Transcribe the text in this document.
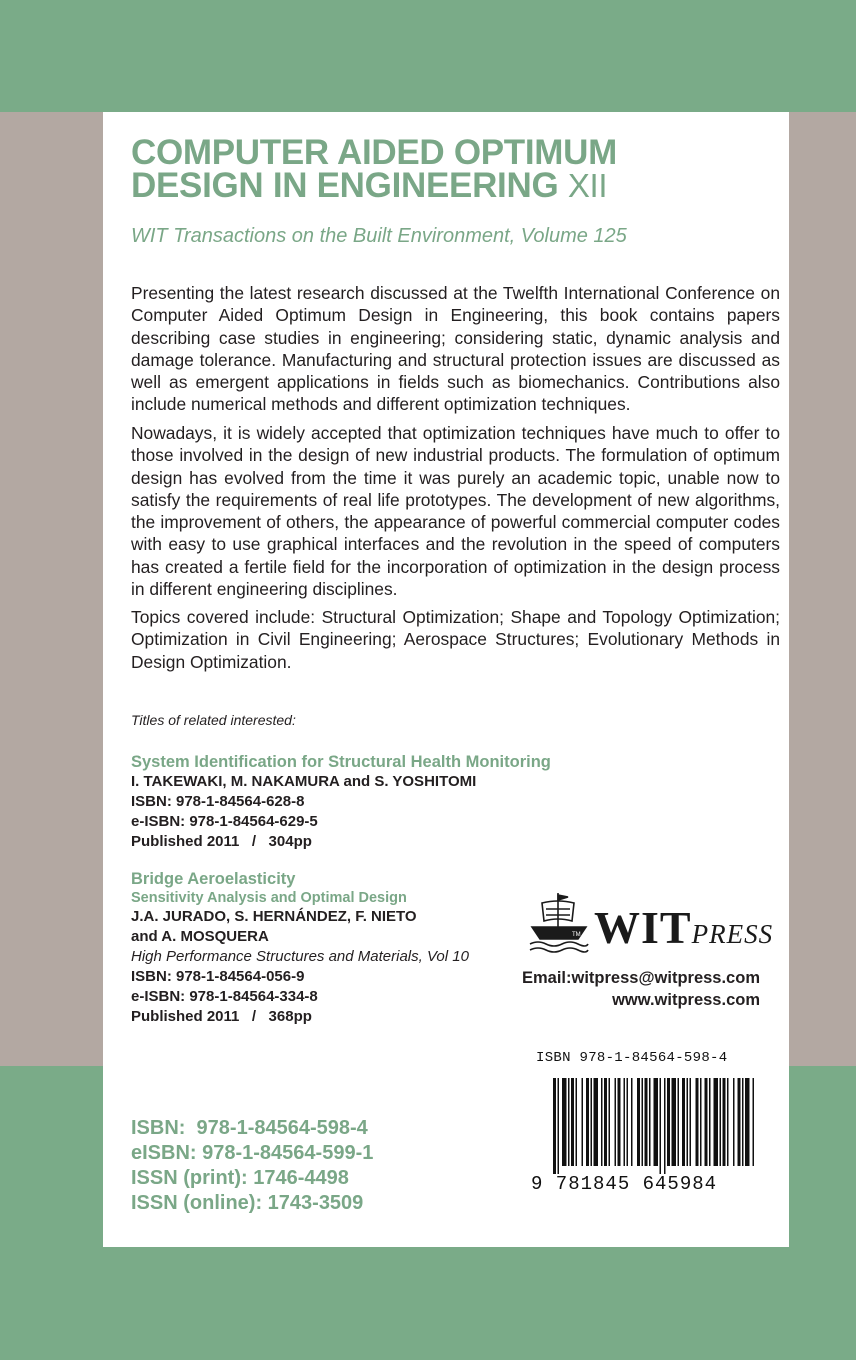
COMPUTER AIDED OPTIMUM
DESIGN IN ENGINEERING XII

WIT Transactions on the Built Environment, Volume 125

Presenting the latest research discussed at the Twelfth International Conference on Computer Aided Optimum Design in Engineering, this book contains papers describing case studies in engineering; considering static, dynamic analysis and damage tolerance. Manufacturing and structural protection issues are discussed as well as emergent applications in fields such as biomechanics. Contributions also include numerical methods and different optimization techniques.

Nowadays, it is widely accepted that optimization techniques have much to offer to those involved in the design of new industrial products. The formulation of optimum design has evolved from the time it was purely an academic topic, unable now to satisfy the requirements of real life prototypes. The development of new algorithms, the improvement of others, the appearance of powerful commercial computer codes with easy to use graphical interfaces and the revolution in the speed of computers has created a fertile field for the incorporation of optimization in the design process in different engineering disciplines.

Topics covered include: Structural Optimization; Shape and Topology Optimization; Optimization in Civil Engineering; Aerospace Structures; Evolutionary Methods in Design Optimization.

Titles of related interested:

System Identification for Structural Health Monitoring
I. TAKEWAKI, M. NAKAMURA and S. YOSHITOMI
ISBN: 978-1-84564-628-8
e-ISBN: 978-1-84564-629-5
Published 2011   /   304pp
Bridge Aeroelasticity
Sensitivity Analysis and Optimal Design
J.A. JURADO, S. HERNÁNDEZ, F. NIETO
and A. MOSQUERA
High Performance Structures and Materials, Vol 10
ISBN: 978-1-84564-056-9
e-ISBN: 978-1-84564-334-8
Published 2011   /   368pp
TM WITPRESS

Email:witpress@witpress.com

www.witpress.com

ISBN:  978-1-84564-598-4
eISBN: 978-1-84564-599-1
ISSN (print): 1746-4498
ISSN (online): 1743-3509

ISBN 978-1-84564-598-4

9 781845 645984
